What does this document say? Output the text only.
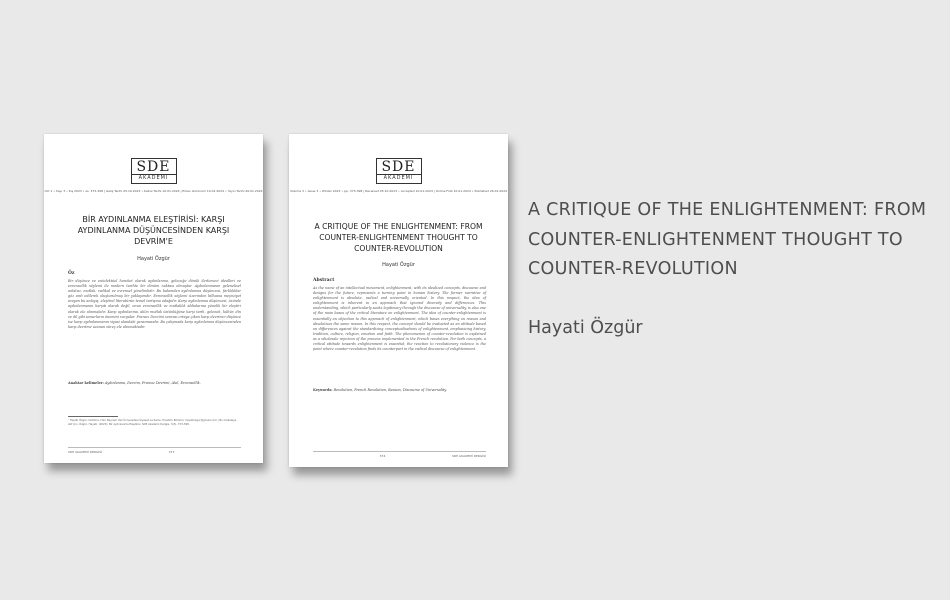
SDE
AKADEMİ
Cilt 1 • Sayı 3 • Kış 2023 • ss. 373-398 | Geliş Tarihi 05.10.2023 • Kabul Tarihi 10.01.2024 | Erken Görünüm 10.01.2024 • Yayın Tarihi 26.01.2024
BİR AYDINLANMA ELEŞTİRİSİ: KARŞI AYDINLANMA DÜŞÜNCESİNDEN KARŞI DEVRİM'E
Hayati Özgür
Öz
Bir düşünce ve entelektüel hareket olarak aydınlanma, geleceğe dönük ilerlemeci idealleri ve evrensellik söylemi ile modern tarihte bir dönüm noktası olmuştur. Aydınlanmanın geleneksel anlatısı, mutlak, radikal ve evrensel yönelimlidir. Bu bakımdan aydınlanma düşüncesi, farklılıklar göz ardı edilerek oluşturulmuş bir yaklaşımdır. Evrensellik söylemi üzerinden bilhassa meşruiyet arayan bu anlayış, eleştirel literatürün temel tartışma odağıdır. Karşı aydınlanma düşüncesi, özünde aydınlanmanın karşıtı olarak değil, onun evrensellik ve mutlaklık iddialarına yönelik bir eleştiri olarak ele alınmalıdır. Karşı aydınlanma, aklın mutlak üstünlüğüne karşı tarih, gelenek, kültür, din ve dil gibi unsurların önemini vurgular. Fransız Devrimi sonrası ortaya çıkan karşı devrimci düşünce ise karşı aydınlanmanın siyasi alandaki yansımasıdır. Bu çalışmada karşı aydınlanma düşüncesinden karşı devrime uzanan süreç ele alınmaktadır.
Anahtar kelimeler: Aydınlanma, Devrim, Fransız Devrimi, Akıl, Evrensellik.
¹ Hayati Özgür, Doktora, Hacı Bayram Veli Üniversitesi Siyaset ve Kamu Yönetimi Bölümü, hayatiozgur@gmail.com | Bu makaleye atıf için: Özgür, Hayati. (2023). Bir Aydınlanma Eleştirisi. SDE Akademi Dergisi, 3(3), 373-398.
SDE AKADEMİ DERGİSİ	373
SDE
AKADEMİ
Volume 3 • Issue 3 • Winter 2023 • pp. 373-398 | Received 05.10.2023 • Accepted 10.01.2024 | Online First 10.01.2024 • Published 26.01.2024
A CRITIQUE OF THE ENLIGHTENMENT: FROM COUNTER-ENLIGHTENMENT THOUGHT TO COUNTER-REVOLUTION
Hayati Özgür
Abstract
As the name of an intellectual movement, enlightenment, with its idealized concepts, discourse and designs for the future, represents a turning point in human history. The former narrative of enlightenment is absolute, radical and universally oriented. In this respect, the idea of enlightenment is inherent in an approach that ignored diversity and differences. This understanding, which particularly seeks legitimacy through the discourse of universality, is also one of the main bases of the critical literature on enlightenment. The idea of counter-enlightenment is essentially an objection to this approach of enlightenment, which bases everything on reason and absolutizes the same reason. In this respect, the concept should be evaluated as an attitude based on differences against the standardizing conceptualizations of enlightenment, emphasizing history, tradition, culture, religion, emotion and faith. The phenomenon of counter-revolution is explained as a wholesale rejection of the process implemented in the French revolution. For both concepts, a critical attitude towards enlightenment is essential; the reaction to revolutionary violence is the point where counter-revolution finds its counterpart in the radical discourse of enlightenment.
Keywords: Revolution, French Revolution, Reason, Discourse of Universality.
374	SDE AKADEMİ DERGİSİ
A CRITIQUE OF THE ENLIGHTENMENT: FROM COUNTER-ENLIGHTENMENT THOUGHT TO COUNTER-REVOLUTION
Hayati Özgür
